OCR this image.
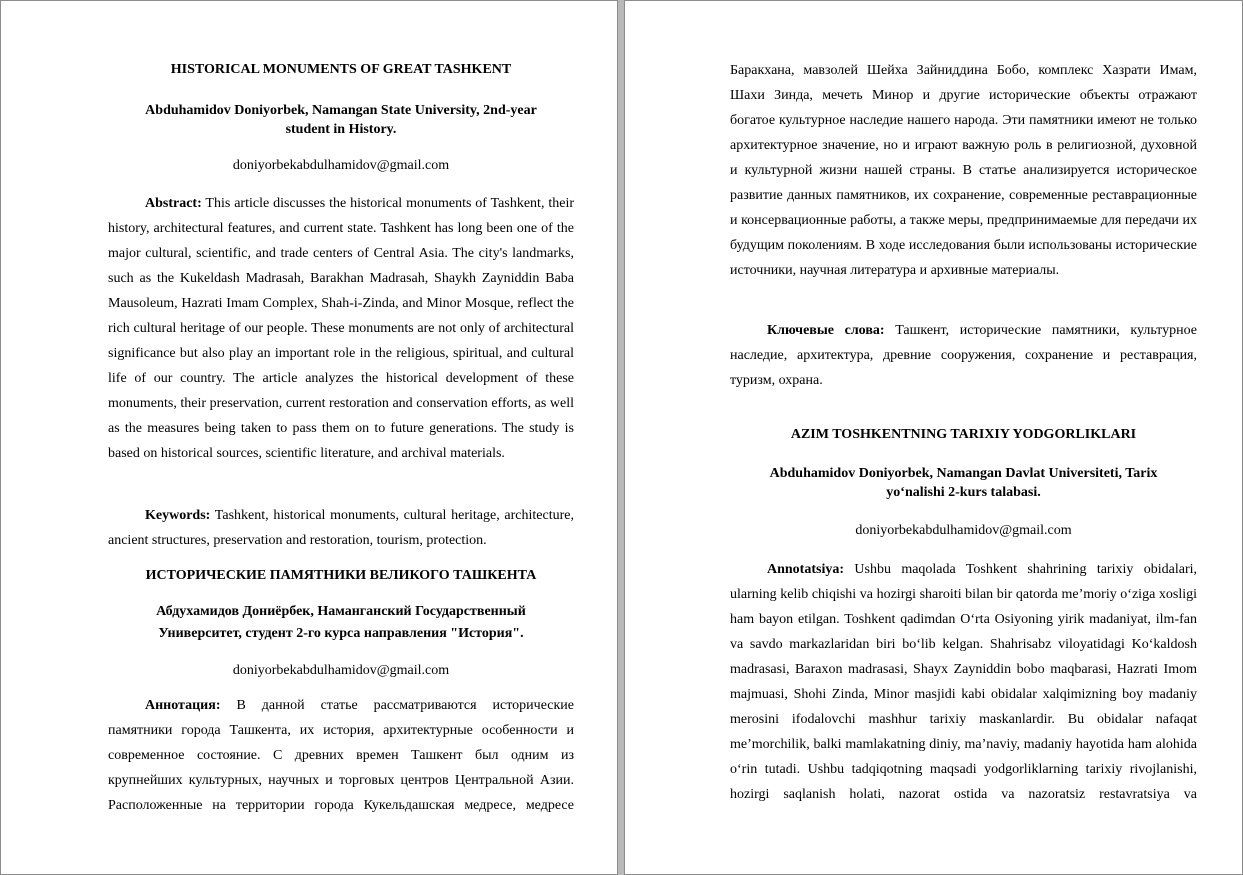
HISTORICAL MONUMENTS OF GREAT TASHKENT

Abduhamidov Doniyorbek, Namangan State University, 2nd-year
student in History.

doniyorbekabdulhamidov@gmail.com

Abstract: This article discusses the historical monuments of Tashkent, their history, architectural features, and current state. Tashkent has long been one of the major cultural, scientific, and trade centers of Central Asia. The city's landmarks, such as the Kukeldash Madrasah, Barakhan Madrasah, Shaykh Zayniddin Baba Mausoleum, Hazrati Imam Complex, Shah-i-Zinda, and Minor Mosque, reflect the rich cultural heritage of our people. These monuments are not only of architectural significance but also play an important role in the religious, spiritual, and cultural life of our country. The article analyzes the historical development of these monuments, their preservation, current restoration and conservation efforts, as well as the measures being taken to pass them on to future generations. The study is based on historical sources, scientific literature, and archival materials.

Keywords: Tashkent, historical monuments, cultural heritage, architecture, ancient structures, preservation and restoration, tourism, protection.

ИСТОРИЧЕСКИЕ ПАМЯТНИКИ ВЕЛИКОГО ТАШКЕНТА

Абдухамидов Дониёрбек, Наманганский Государственный
Университет, студент 2-го курса направления "История".

doniyorbekabdulhamidov@gmail.com

Аннотация: В данной статье рассматриваются исторические памятники города Ташкента, их история, архитектурные особенности и современное состояние. С древних времен Ташкент был одним из крупнейших культурных, научных и торговых центров Центральной Азии. Расположенные на территории города Кукельдашская медресе, медресе

Баракхана, мавзолей Шейха Зайниддина Бобо, комплекс Хазрати Имам, Шахи Зинда, мечеть Минор и другие исторические объекты отражают богатое культурное наследие нашего народа. Эти памятники имеют не только архитектурное значение, но и играют важную роль в религиозной, духовной и культурной жизни нашей страны. В статье анализируется историческое развитие данных памятников, их сохранение, современные реставрационные и консервационные работы, а также меры, предпринимаемые для передачи их будущим поколениям. В ходе исследования были использованы исторические источники, научная литература и архивные материалы.

Ключевые слова: Ташкент, исторические памятники, культурное наследие, архитектура, древние сооружения, сохранение и реставрация, туризм, охрана.

AZIM TOSHKENTNING TARIXIY YODGORLIKLARI

Abduhamidov Doniyorbek, Namangan Davlat Universiteti, Tarix
yoʻnalishi 2-kurs talabasi.

doniyorbekabdulhamidov@gmail.com

Annotatsiya: Ushbu maqolada Toshkent shahrining tarixiy obidalari, ularning kelib chiqishi va hozirgi sharoiti bilan bir qatorda meʼmoriy oʻziga xosligi ham bayon etilgan. Toshkent qadimdan Oʻrta Osiyoning yirik madaniyat, ilm-fan va savdo markazlaridan biri boʻlib kelgan. Shahrisabz viloyatidagi Koʻkaldosh madrasasi, Baraxon madrasasi, Shayx Zayniddin bobo maqbarasi, Hazrati Imom majmuasi, Shohi Zinda, Minor masjidi kabi obidalar xalqimizning boy madaniy merosini ifodalovchi mashhur tarixiy maskanlardir. Bu obidalar nafaqat meʼmorchilik, balki mamlakatning diniy, maʼnaviy, madaniy hayotida ham alohida oʻrin tutadi. Ushbu tadqiqotning maqsadi yodgorliklarning tarixiy rivojlanishi, hozirgi saqlanish holati, nazorat ostida va nazoratsiz restavratsiya va
